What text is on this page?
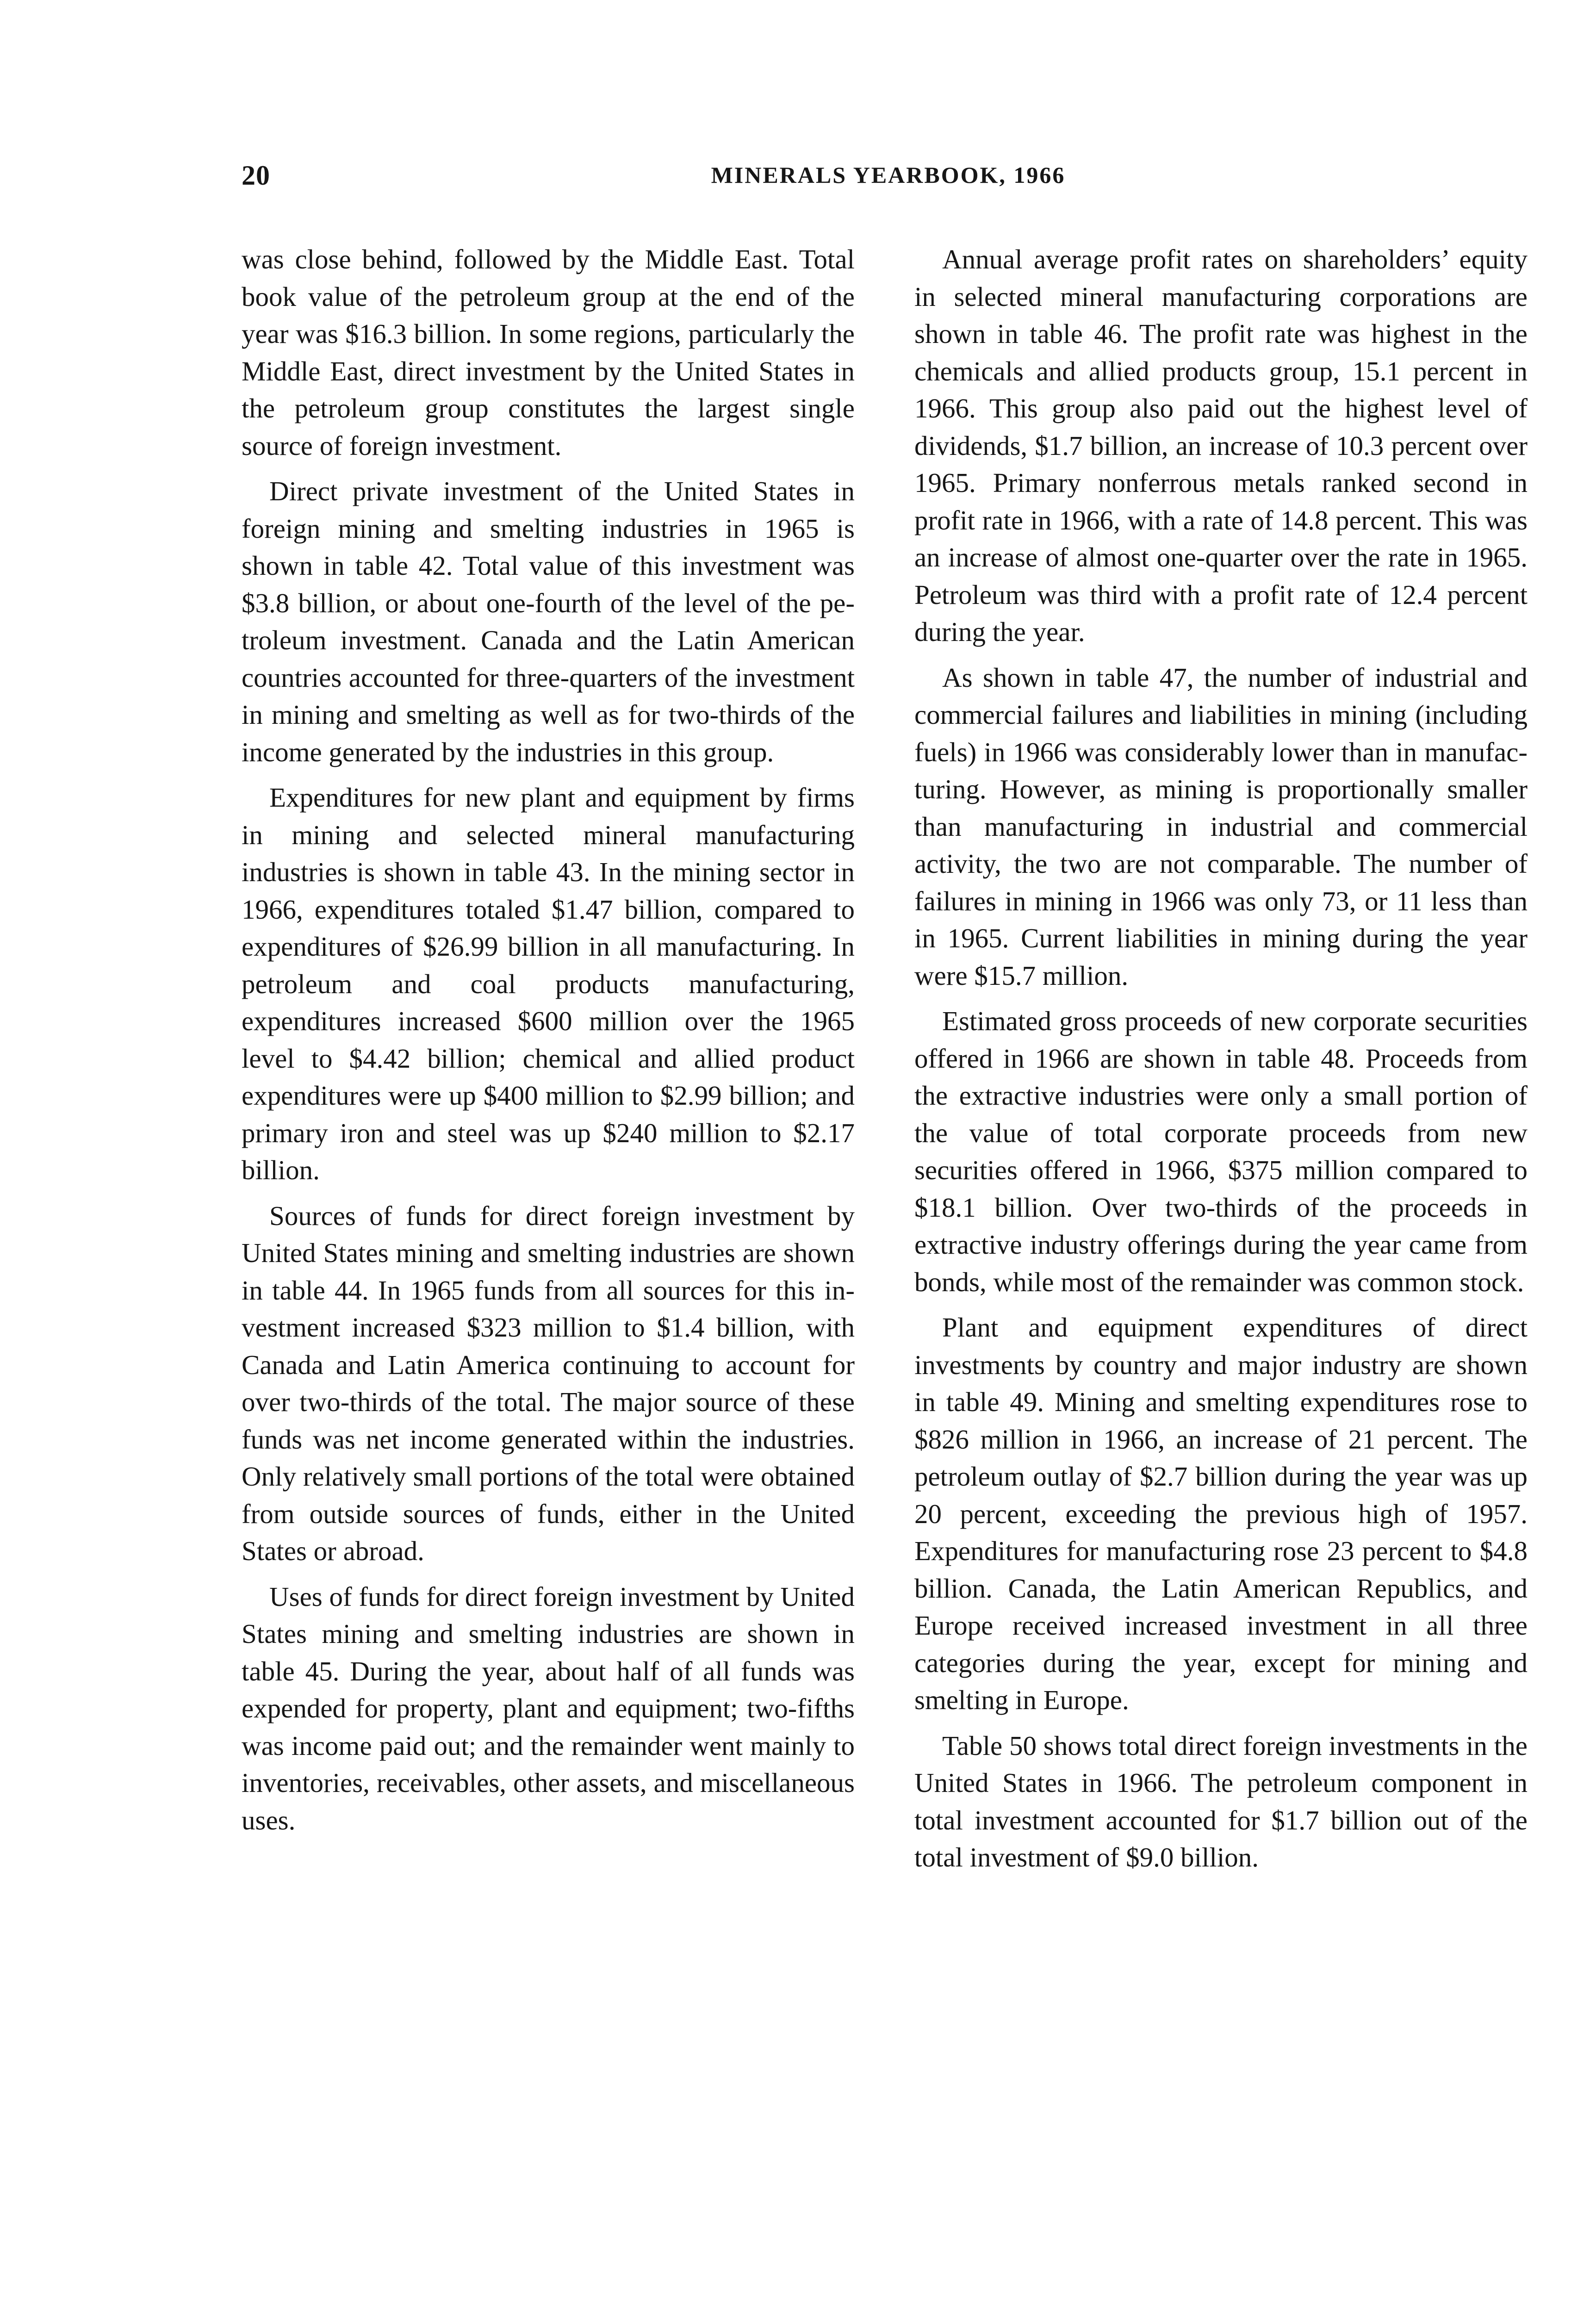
20	MINERALS YEARBOOK, 1966

was close behind, followed by the Middle East. Total book value of the petroleum group at the end of the year was $16.3 billion. In some regions, particularly the Middle East, direct investment by the United States in the petroleum group constitutes the largest single source of foreign investment.

Direct private investment of the United States in foreign mining and smelting industries in 1965 is shown in table 42. Total value of this investment was $3.8 billion, or about one-fourth of the level of the petroleum investment. Canada and the Latin American countries accounted for three-quarters of the investment in mining and smelting as well as for two-thirds of the income generated by the industries in this group.

Expenditures for new plant and equipment by firms in mining and selected mineral manufacturing industries is shown in table 43. In the mining sector in 1966, expenditures totaled $1.47 billion, compared to expenditures of $26.99 billion in all manufacturing. In petroleum and coal products manufacturing, expenditures increased $600 million over the 1965 level to $4.42 billion; chemical and allied product expenditures were up $400 million to $2.99 billion; and primary iron and steel was up $240 million to $2.17 billion.

Sources of funds for direct foreign investment by United States mining and smelting industries are shown in table 44. In 1965 funds from all sources for this investment increased $323 million to $1.4 billion, with Canada and Latin America continuing to account for over two-thirds of the total. The major source of these funds was net income generated within the industries. Only relatively small portions of the total were obtained from outside sources of funds, either in the United States or abroad.

Uses of funds for direct foreign investment by United States mining and smelting industries are shown in table 45. During the year, about half of all funds was expended for property, plant and equipment; two-fifths was income paid out; and the remainder went mainly to inventories, receivables, other assets, and miscellaneous uses.

Annual average profit rates on shareholders’ equity in selected mineral manufacturing corporations are shown in table 46. The profit rate was highest in the chemicals and allied products group, 15.1 percent in 1966. This group also paid out the highest level of dividends, $1.7 billion, an increase of 10.3 percent over 1965. Primary nonferrous metals ranked second in profit rate in 1966, with a rate of 14.8 percent. This was an increase of almost one-quarter over the rate in 1965. Petroleum was third with a profit rate of 12.4 percent during the year.

As shown in table 47, the number of industrial and commercial failures and liabilities in mining (including fuels) in 1966 was considerably lower than in manufacturing. However, as mining is proportionally smaller than manufacturing in industrial and commercial activity, the two are not comparable. The number of failures in mining in 1966 was only 73, or 11 less than in 1965. Current liabilities in mining during the year were $15.7 million.

Estimated gross proceeds of new corporate securities offered in 1966 are shown in table 48. Proceeds from the extractive industries were only a small portion of the value of total corporate proceeds from new securities offered in 1966, $375 million compared to $18.1 billion. Over two-thirds of the proceeds in extractive industry offerings during the year came from bonds, while most of the remainder was common stock.

Plant and equipment expenditures of direct investments by country and major industry are shown in table 49. Mining and smelting expenditures rose to $826 million in 1966, an increase of 21 percent. The petroleum outlay of $2.7 billion during the year was up 20 percent, exceeding the previous high of 1957. Expenditures for manufacturing rose 23 percent to $4.8 billion. Canada, the Latin American Republics, and Europe received increased investment in all three categories during the year, except for mining and smelting in Europe.

Table 50 shows total direct foreign investments in the United States in 1966. The petroleum component in total investment accounted for $1.7 billion out of the total investment of $9.0 billion.
